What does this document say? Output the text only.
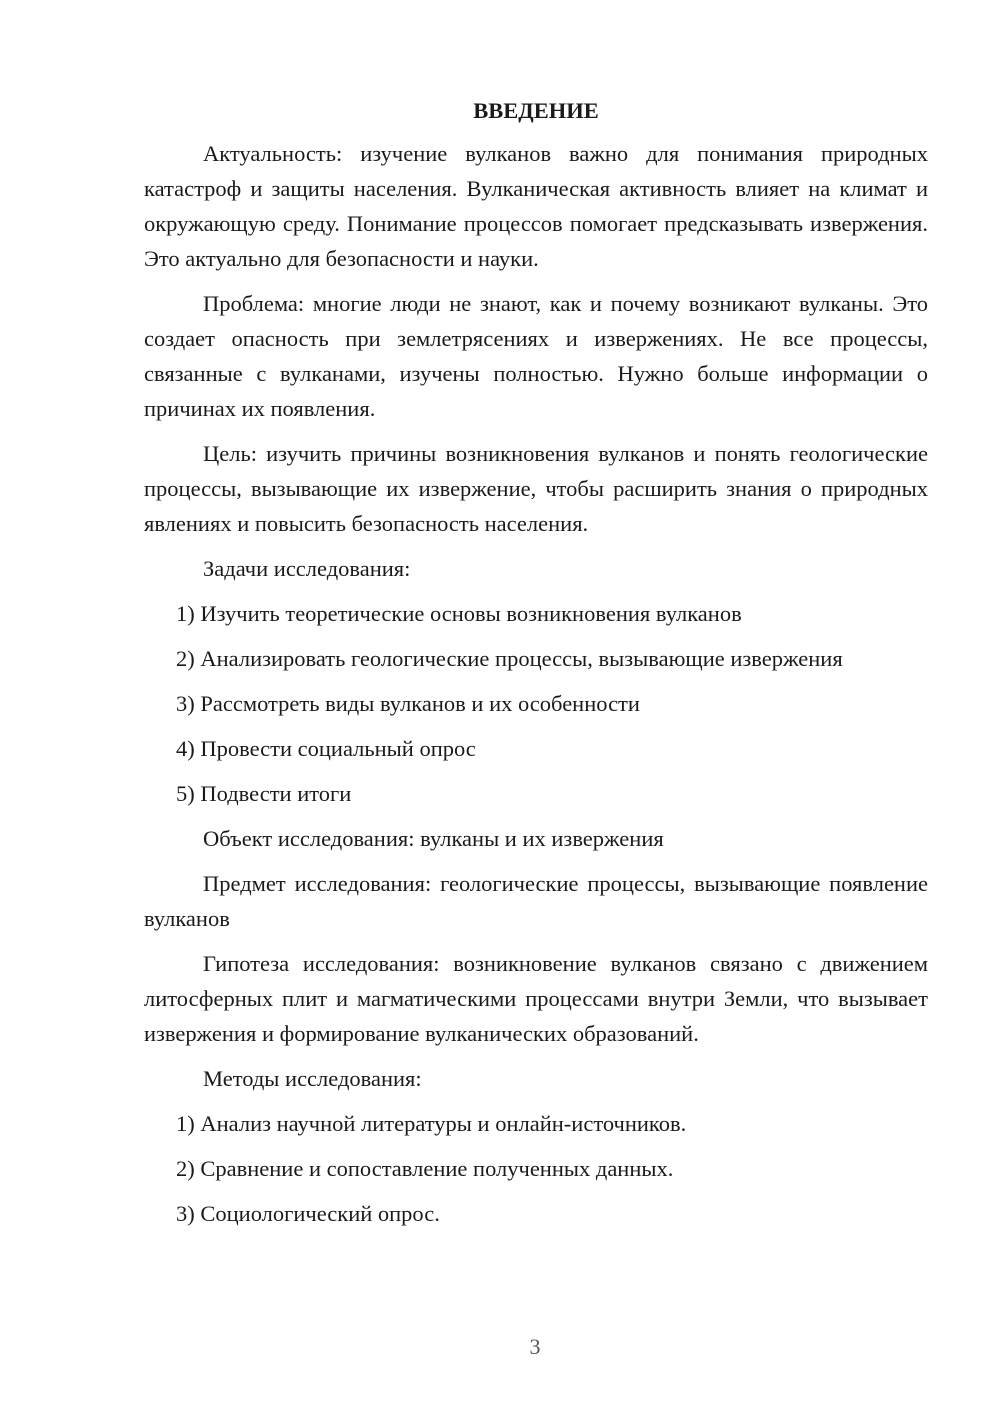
ВВЕДЕНИЕ

Актуальность: изучение вулканов важно для понимания природных катастроф и защиты населения. Вулканическая активность влияет на климат и окружающую среду. Понимание процессов помогает предсказывать извержения. Это актуально для безопасности и науки.

Проблема: многие люди не знают, как и почему возникают вулканы. Это создает опасность при землетрясениях и извержениях. Не все процессы, связанные с вулканами, изучены полностью. Нужно больше информации о причинах их появления.

Цель: изучить причины возникновения вулканов и понять геологические процессы, вызывающие их извержение, чтобы расширить знания о природных явлениях и повысить безопасность населения.

Задачи исследования:

1) Изучить теоретические основы возникновения вулканов

2) Анализировать геологические процессы, вызывающие извержения

3) Рассмотреть виды вулканов и их особенности

4) Провести социальный опрос

5) Подвести итоги

Объект исследования: вулканы и их извержения

Предмет исследования: геологические процессы, вызывающие появление вулканов

Гипотеза исследования: возникновение вулканов связано с движением литосферных плит и магматическими процессами внутри Земли, что вызывает извержения и формирование вулканических образований.

Методы исследования:

1) Анализ научной литературы и онлайн-источников.

2) Сравнение и сопоставление полученных данных.

3) Социологический опрос.

3
